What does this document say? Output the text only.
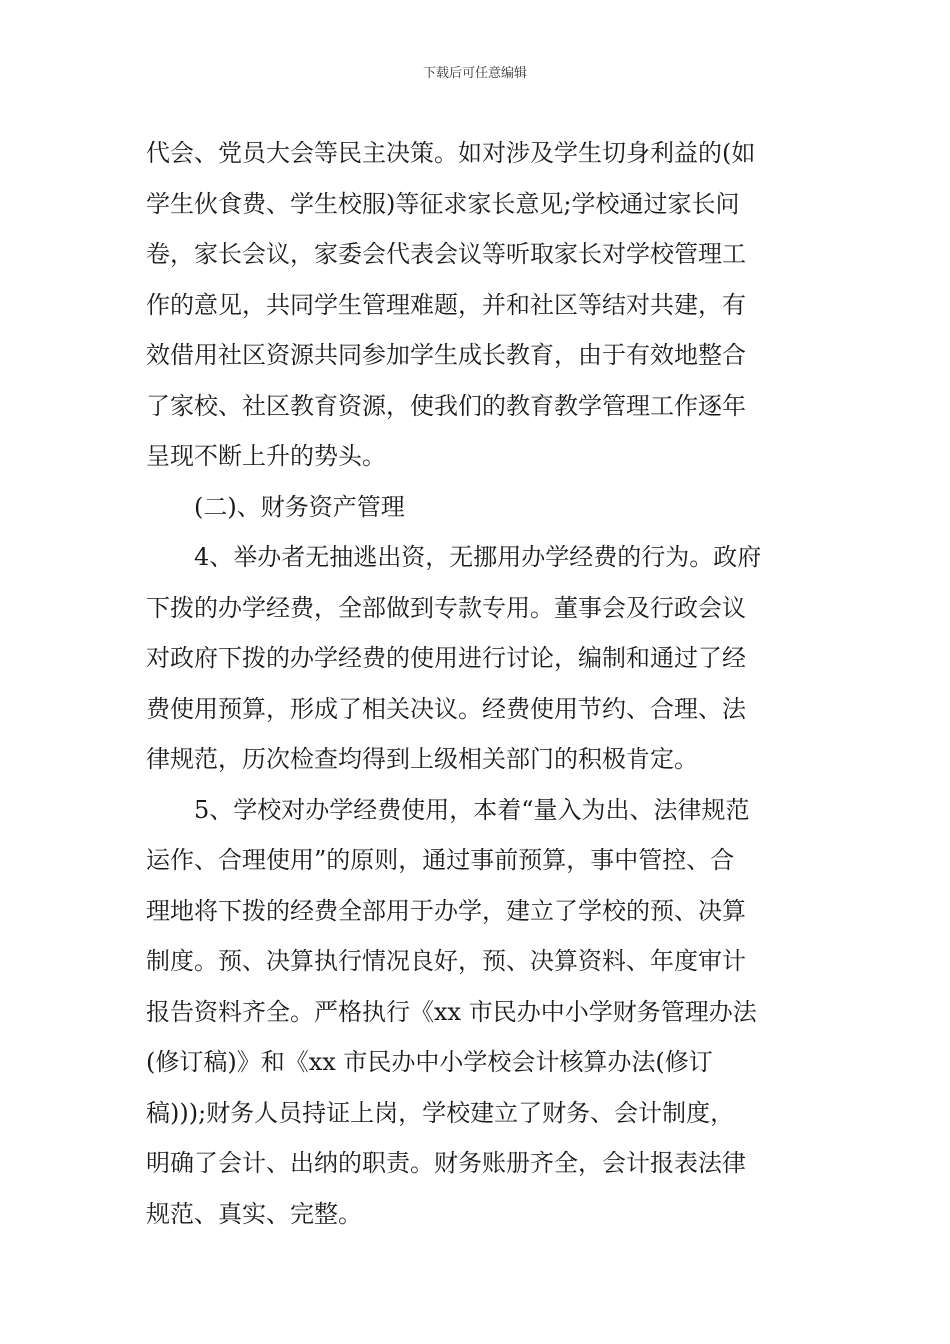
下载后可任意编辑
代会、党员大会等民主决策。如对涉及学生切身利益的(如
学生伙食费、学生校服)等征求家长意见;学校通过家长问
卷，家长会议，家委会代表会议等听取家长对学校管理工
作的意见，共同学生管理难题，并和社区等结对共建，有
效借用社区资源共同参加学生成长教育，由于有效地整合
了家校、社区教育资源，使我们的教育教学管理工作逐年
呈现不断上升的势头。
(二)、财务资产管理
4、举办者无抽逃出资，无挪用办学经费的行为。政府
下拨的办学经费，全部做到专款专用。董事会及行政会议
对政府下拨的办学经费的使用进行讨论，编制和通过了经
费使用预算，形成了相关决议。经费使用节约、合理、法
律规范，历次检查均得到上级相关部门的积极肯定。
5、学校对办学经费使用，本着“量入为出、法律规范
运作、合理使用”的原则，通过事前预算，事中管控、合
理地将下拨的经费全部用于办学，建立了学校的预、决算
制度。预、决算执行情况良好，预、决算资料、年度审计
报告资料齐全。严格执行《xx 市民办中小学财务管理办法
(修订稿)》和《xx 市民办中小学校会计核算办法(修订
稿)));财务人员持证上岗，学校建立了财务、会计制度，
明确了会计、出纳的职责。财务账册齐全，会计报表法律
规范、真实、完整。
